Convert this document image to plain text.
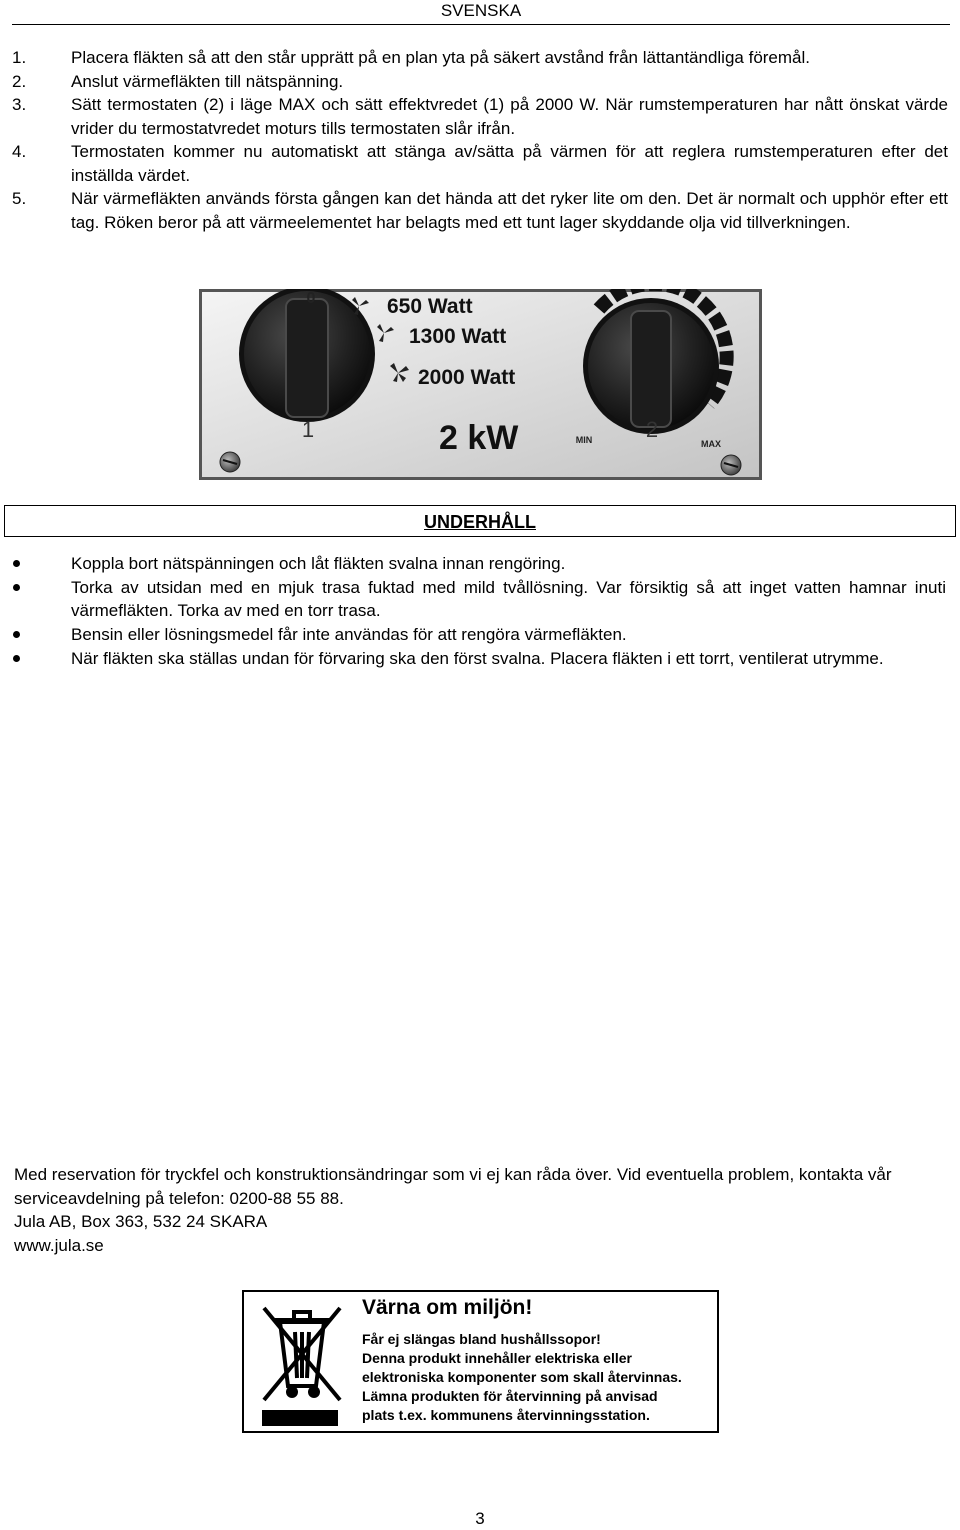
SVENSKA
1.	Placera fläkten så att den står upprätt på en plan yta på säkert avstånd från lättantändliga föremål.
2.	Anslut värmefläkten till nätspänning.
3.	Sätt termostaten (2) i läge MAX och sätt effektvredet (1) på 2000 W. När rumstemperaturen har nått önskat värde vrider du termostatvredet moturs tills termostaten slår ifrån.
4.	Termostaten kommer nu automatiskt att stänga av/sätta på värmen för att reglera rumstemperaturen efter det inställda värdet.
5.	När värmefläkten används första gången kan det hända att det ryker lite om den. Det är normalt och upphör efter ett tag. Röken beror på att värmeelementet har belagts med ett tunt lager skyddande olja vid tillverkningen.
0
1
650 Watt
1300 Watt
2000 Watt
2 kW	MIN 2
MAX
UNDERHÅLL
Koppla bort nätspänningen och låt fläkten svalna innan rengöring.
Torka av utsidan med en mjuk trasa fuktad med mild tvållösning. Var försiktig så att inget vatten hamnar inuti värmefläkten. Torka av med en torr trasa.
Bensin eller lösningsmedel får inte användas för att rengöra värmefläkten.
När fläkten ska ställas undan för förvaring ska den först svalna. Placera fläkten i ett torrt, ventilerat utrymme.

Med reservation för tryckfel och konstruktionsändringar som vi ej kan råda över. Vid eventuella problem, kontakta vår serviceavdelning på telefon: 0200-88 55 88.

Jula AB, Box 363, 532 24 SKARA

www.jula.se

Värna om miljön!
Får ej slängas bland hushållssopor!
Denna produkt innehåller elektriska eller
elektroniska komponenter som skall återvinnas.
Lämna produkten för återvinning på anvisad
plats t.ex. kommunens återvinningsstation.
3
